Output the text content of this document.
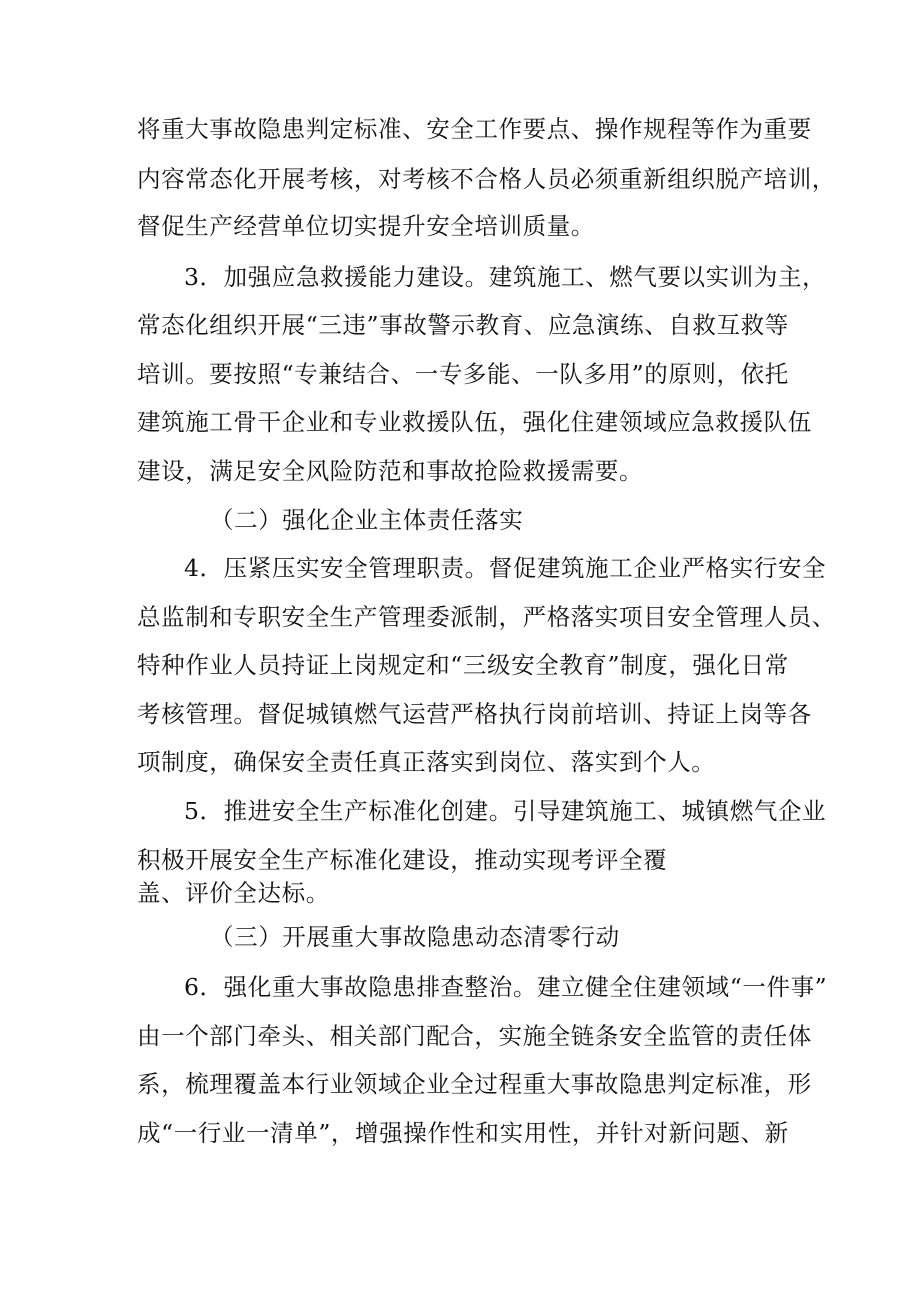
将重大事故隐患判定标准、安全工作要点、操作规程等作为重要
内容常态化开展考核，对考核不合格人员必须重新组织脱产培训，
督促生产经营单位切实提升安全培训质量。
3．加强应急救援能力建设。建筑施工、燃气要以实训为主，
常态化组织开展“三违”事故警示教育、应急演练、自救互救等
培训。要按照“专兼结合、一专多能、一队多用”的原则，依托
建筑施工骨干企业和专业救援队伍，强化住建领域应急救援队伍
建设，满足安全风险防范和事故抢险救援需要。
（二）强化企业主体责任落实
4．压紧压实安全管理职责。督促建筑施工企业严格实行安全
总监制和专职安全生产管理委派制，严格落实项目安全管理人员、
特种作业人员持证上岗规定和“三级安全教育”制度，强化日常
考核管理。督促城镇燃气运营严格执行岗前培训、持证上岗等各
项制度，确保安全责任真正落实到岗位、落实到个人。
5．推进安全生产标准化创建。引导建筑施工、城镇燃气企业
积极开展安全生产标准化建设，推动实现考评全覆
盖、评价全达标。
（三）开展重大事故隐患动态清零行动
6．强化重大事故隐患排查整治。建立健全住建领域“一件事”
由一个部门牵头、相关部门配合，实施全链条安全监管的责任体
系，梳理覆盖本行业领域企业全过程重大事故隐患判定标准，形
成“一行业一清单”，增强操作性和实用性，并针对新问题、新
